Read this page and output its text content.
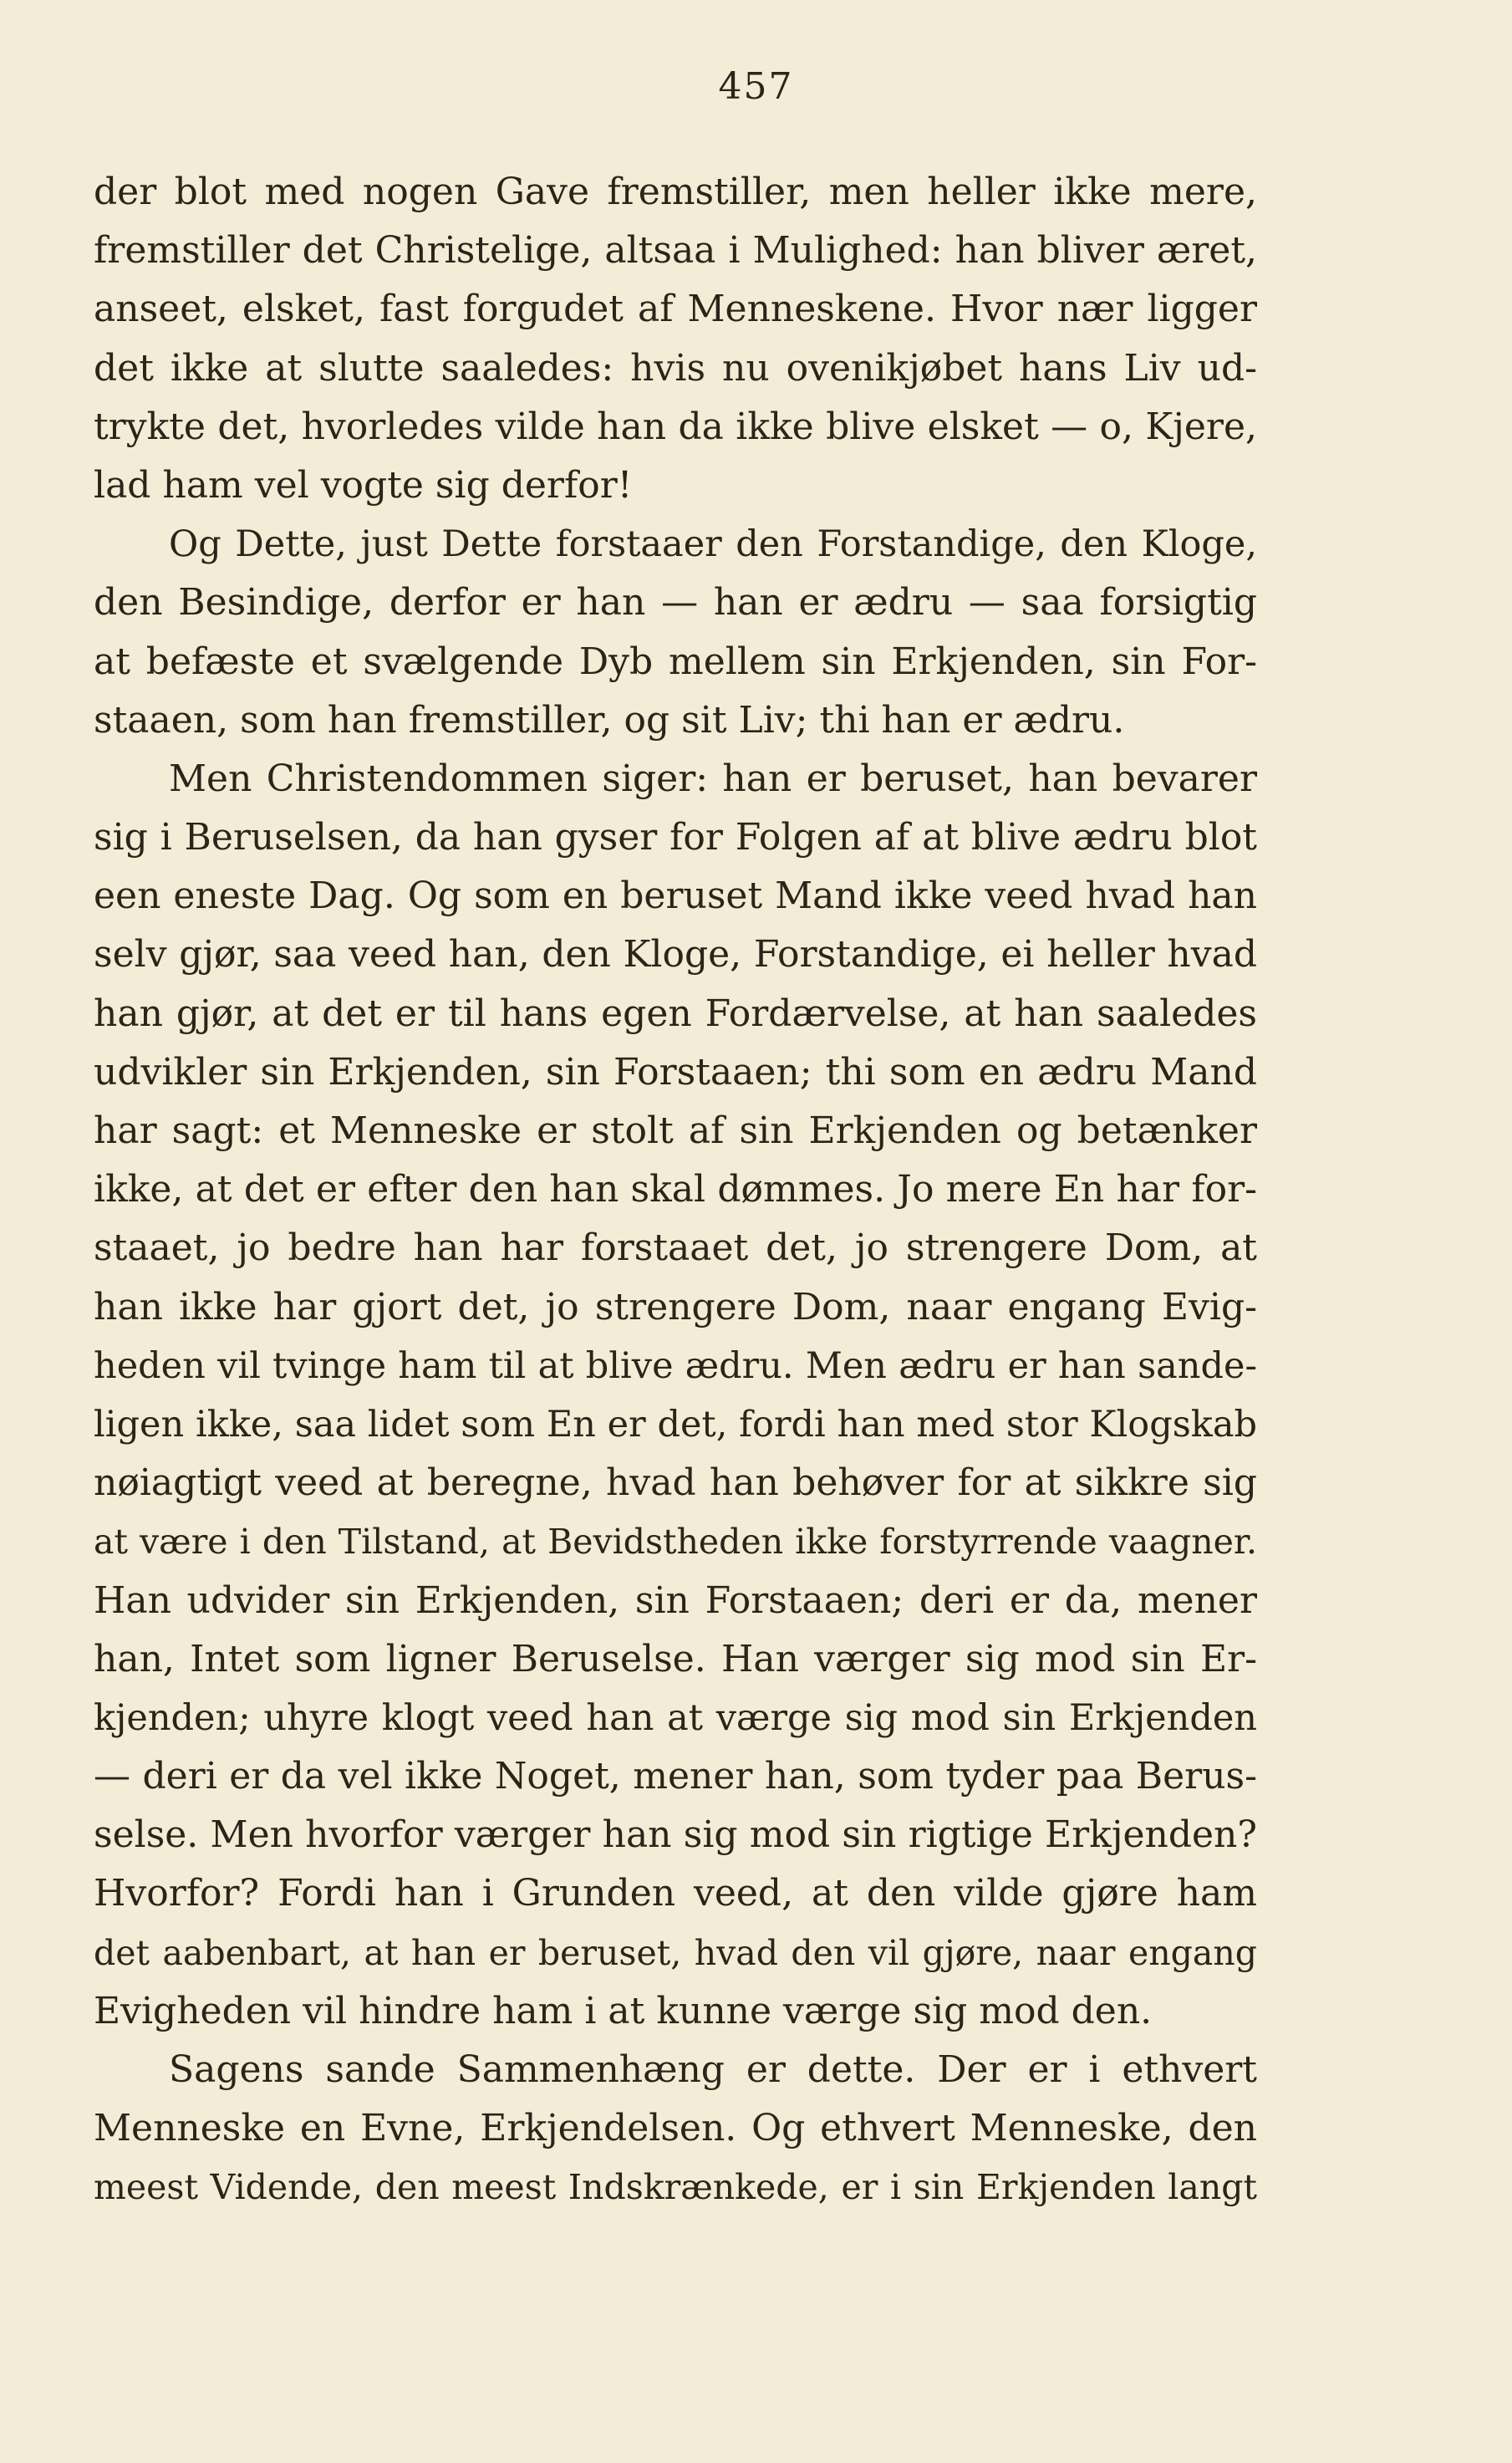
457
der blot med nogen Gave fremstiller, men heller ikke mere,
fremstiller det Christelige, altsaa i Mulighed: han bliver æret,
anseet, elsket, fast forgudet af Menneskene. Hvor nær ligger
det ikke at slutte saaledes: hvis nu ovenikjøbet hans Liv ud-
trykte det, hvorledes vilde han da ikke blive elsket — o, Kjere,
lad ham vel vogte sig derfor!
Og Dette, just Dette forstaaer den Forstandige, den Kloge,
den Besindige, derfor er han — han er ædru — saa forsigtig
at befæste et svælgende Dyb mellem sin Erkjenden, sin For-
staaen, som han fremstiller, og sit Liv; thi han er ædru.
Men Christendommen siger: han er beruset, han bevarer
sig i Beruselsen, da han gyser for Folgen af at blive ædru blot
een eneste Dag. Og som en beruset Mand ikke veed hvad han
selv gjør, saa veed han, den Kloge, Forstandige, ei heller hvad
han gjør, at det er til hans egen Fordærvelse, at han saaledes
udvikler sin Erkjenden, sin Forstaaen; thi som en ædru Mand
har sagt: et Menneske er stolt af sin Erkjenden og betænker
ikke, at det er efter den han skal dømmes. Jo mere En har for-
staaet, jo bedre han har forstaaet det, jo strengere Dom, at
han ikke har gjort det, jo strengere Dom, naar engang Evig-
heden vil tvinge ham til at blive ædru. Men ædru er han sande-
ligen ikke, saa lidet som En er det, fordi han med stor Klogskab
nøiagtigt veed at beregne, hvad han behøver for at sikkre sig
at være i den Tilstand, at Bevidstheden ikke forstyrrende vaagner.
Han udvider sin Erkjenden, sin Forstaaen; deri er da, mener
han, Intet som ligner Beruselse. Han værger sig mod sin Er-
kjenden; uhyre klogt veed han at værge sig mod sin Erkjenden
— deri er da vel ikke Noget, mener han, som tyder paa Berus-
selse. Men hvorfor værger han sig mod sin rigtige Erkjenden?
Hvorfor? Fordi han i Grunden veed, at den vilde gjøre ham
det aabenbart, at han er beruset, hvad den vil gjøre, naar engang
Evigheden vil hindre ham i at kunne værge sig mod den.
Sagens sande Sammenhæng er dette. Der er i ethvert
Menneske en Evne, Erkjendelsen. Og ethvert Menneske, den
meest Vidende, den meest Indskrænkede, er i sin Erkjenden langt
